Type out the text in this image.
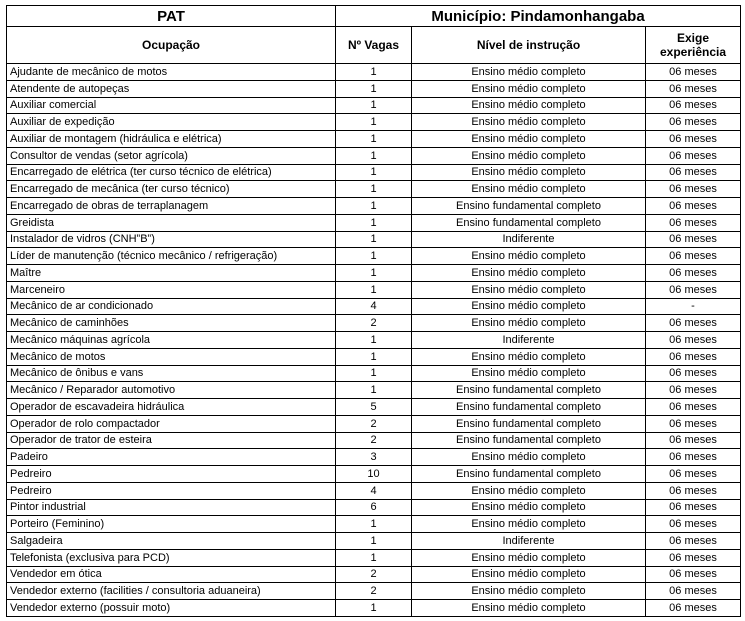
PAT	Município: Pindamonhangaba		
Ocupação	Nº Vagas	Nível de instrução	Exige experiência
Ajudante de mecânico de motos	1	Ensino médio completo	06 meses
Atendente de autopeças	1	Ensino médio completo	06 meses
Auxiliar comercial	1	Ensino médio completo	06 meses
Auxiliar de expedição	1	Ensino médio completo	06 meses
Auxiliar de montagem (hidráulica e elétrica)	1	Ensino médio completo	06 meses
Consultor de vendas (setor agrícola)	1	Ensino médio completo	06 meses
Encarregado de elétrica (ter curso técnico de elétrica)	1	Ensino médio completo	06 meses
Encarregado de mecânica (ter curso técnico)	1	Ensino médio completo	06 meses
Encarregado de obras de terraplanagem	1	Ensino fundamental completo	06 meses
Greidista	1	Ensino fundamental completo	06 meses
Instalador de vidros (CNH”B”)	1	Indiferente	06 meses
Líder de manutenção (técnico mecânico / refrigeração)	1	Ensino médio completo	06 meses
Maître	1	Ensino médio completo	06 meses
Marceneiro	1	Ensino médio completo	06 meses
Mecânico de ar condicionado	4	Ensino médio completo	-
Mecânico de caminhões	2	Ensino médio completo	06 meses
Mecânico máquinas agrícola	1	Indiferente	06 meses
Mecânico de motos	1	Ensino médio completo	06 meses
Mecânico de ônibus e vans	1	Ensino médio completo	06 meses
Mecânico / Reparador automotivo	1	Ensino fundamental completo	06 meses
Operador de escavadeira hidráulica	5	Ensino fundamental completo	06 meses
Operador de rolo compactador	2	Ensino fundamental completo	06 meses
Operador de trator de esteira	2	Ensino fundamental completo	06 meses
Padeiro	3	Ensino médio completo	06 meses
Pedreiro	10	Ensino fundamental completo	06 meses
Pedreiro	4	Ensino médio completo	06 meses
Pintor industrial	6	Ensino médio completo	06 meses
Porteiro (Feminino)	1	Ensino médio completo	06 meses
Salgadeira	1	Indiferente	06 meses
Telefonista (exclusiva para PCD)	1	Ensino médio completo	06 meses
Vendedor em ótica	2	Ensino médio completo	06 meses
Vendedor externo (facilities / consultoria aduaneira)	2	Ensino médio completo	06 meses
Vendedor externo (possuir moto)	1	Ensino médio completo	06 meses
